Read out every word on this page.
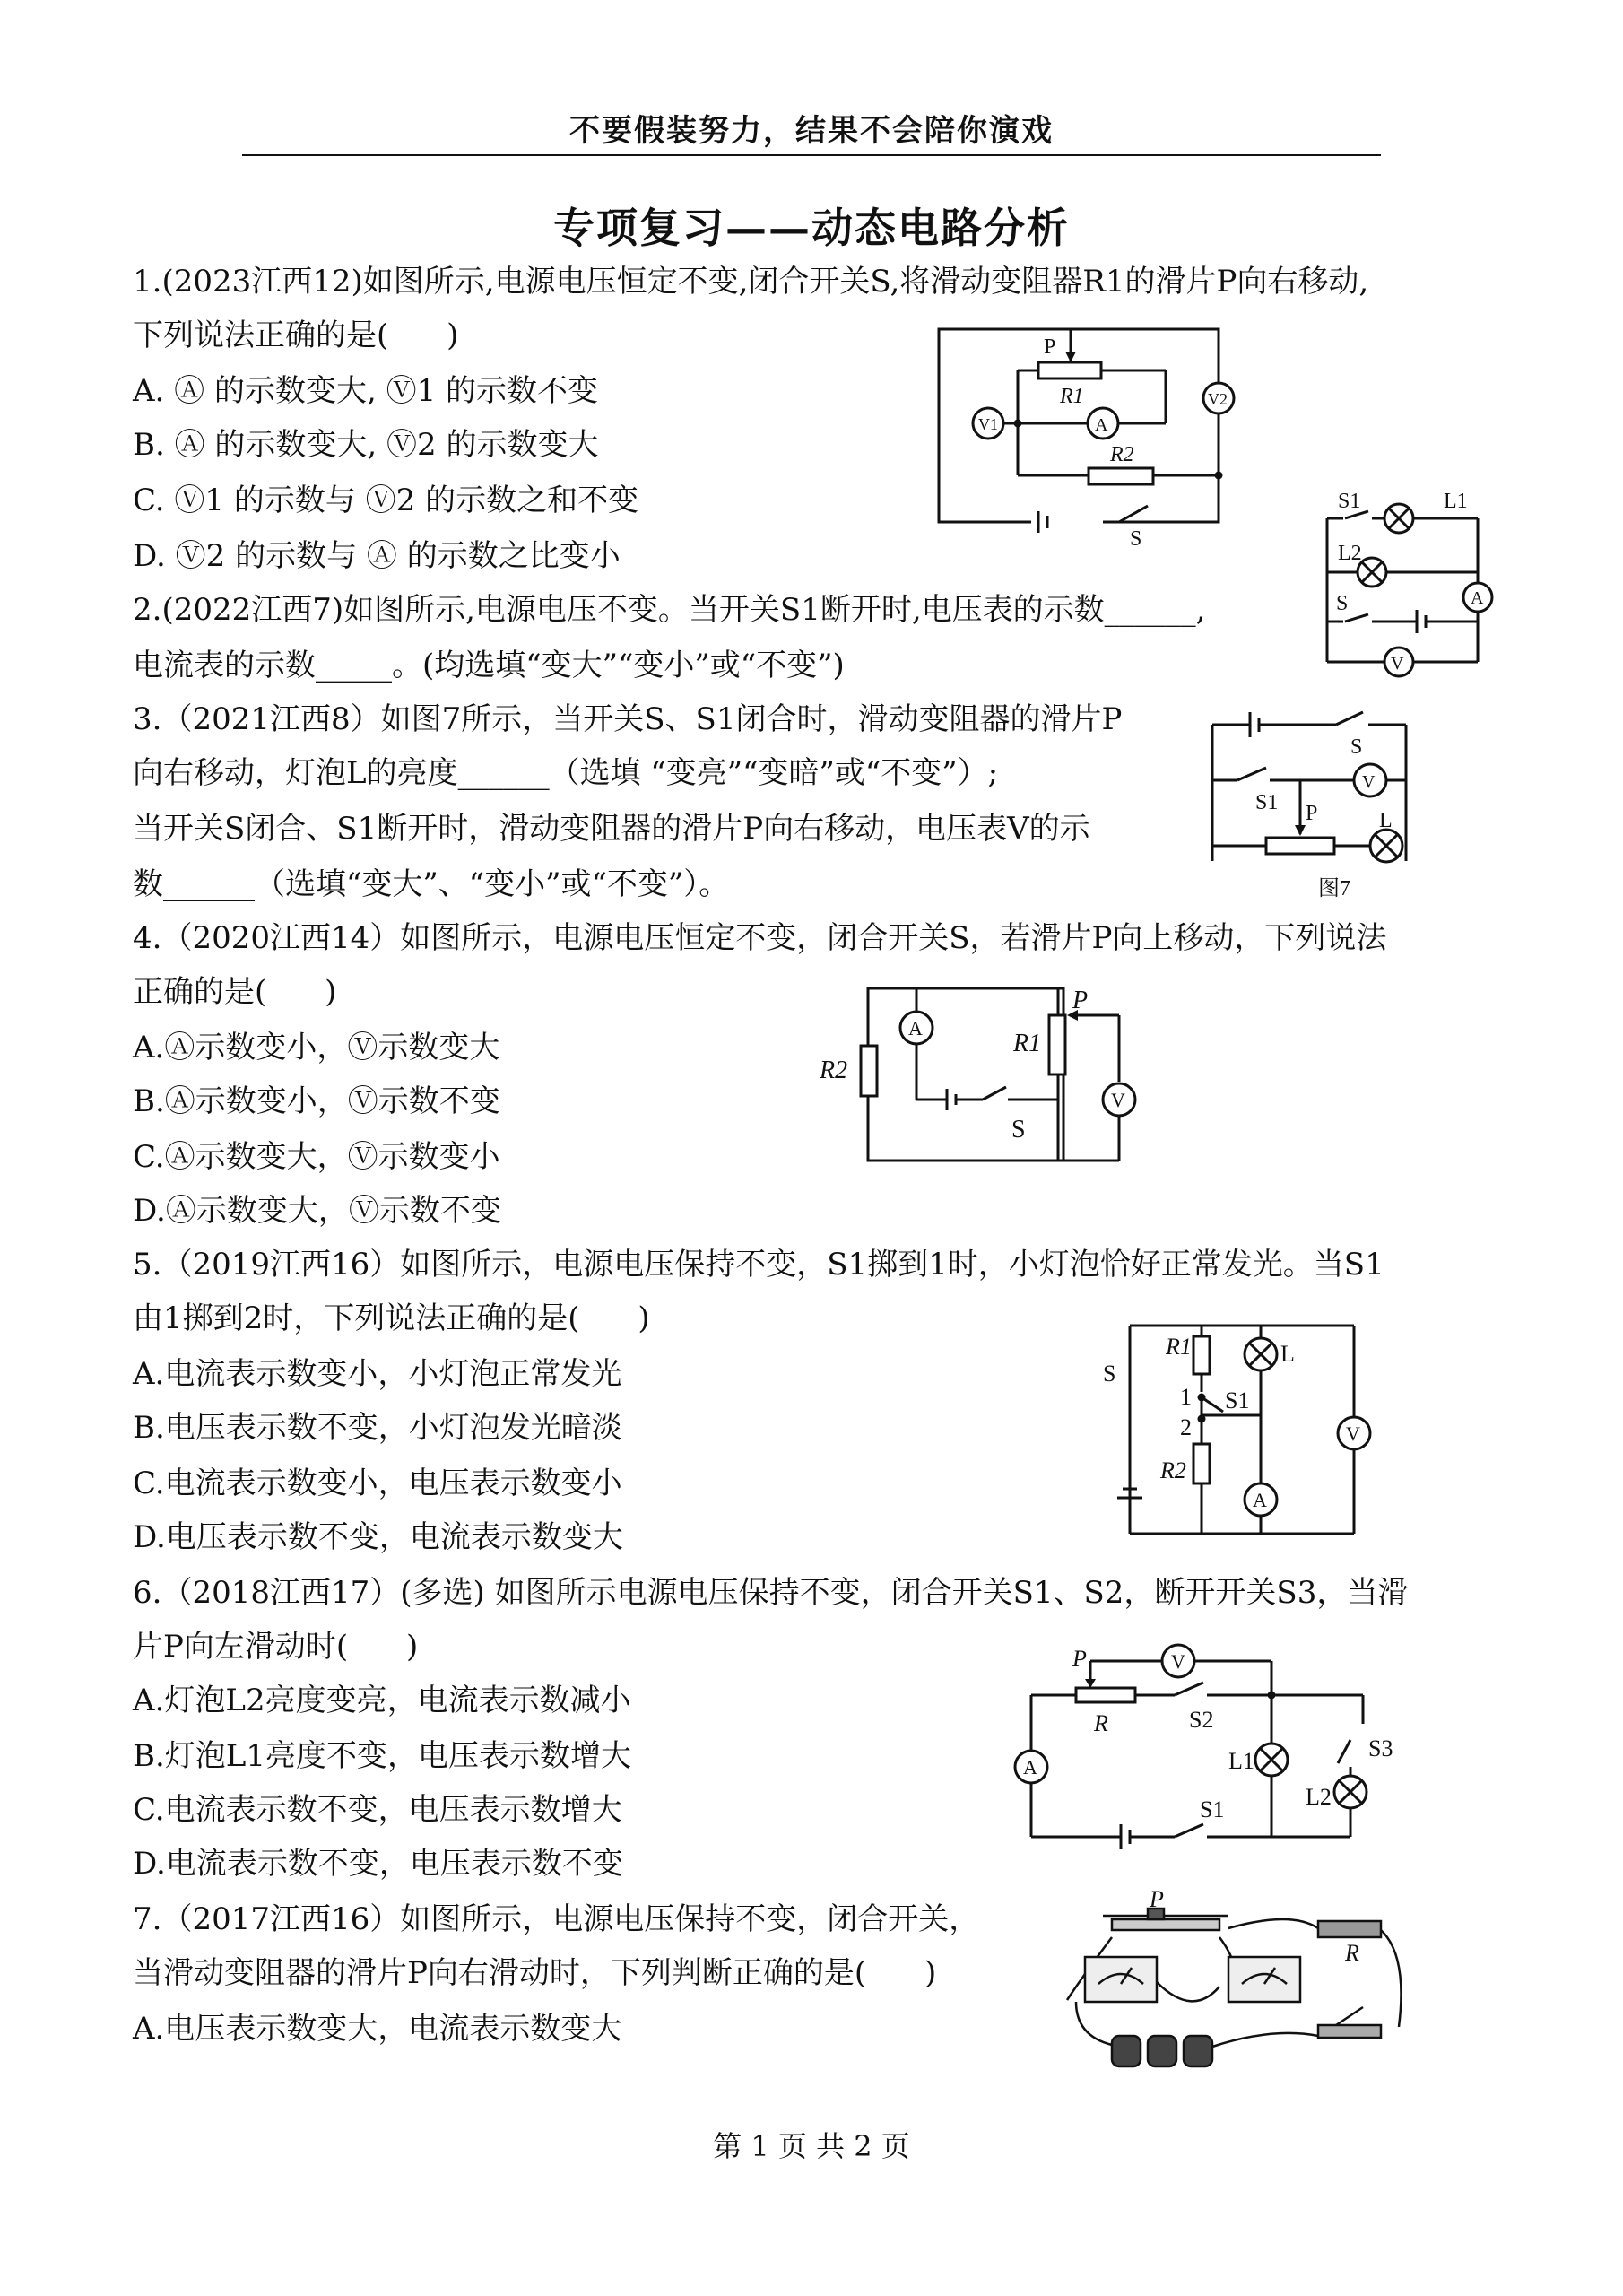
不要假装努力，结果不会陪你演戏
专项复习——动态电路分析
1.(2023江西12)如图所示,电源电压恒定不变,闭合开关S,将滑动变阻器R1的滑片P向右移动,
下列说法正确的是(      )
A. Ⓐ 的示数变大, Ⓥ1 的示数不变
B. Ⓐ 的示数变大, Ⓥ2 的示数变大
C. Ⓥ1 的示数与 Ⓥ2 的示数之和不变
D. Ⓥ2 的示数与 Ⓐ 的示数之比变小
2.(2022江西7)如图所示,电源电压不变。当开关S1断开时,电压表的示数______,
电流表的示数_____。(均选填“变大”“变小”或“不变”)
3.（2021江西8）如图7所示，当开关S、S1闭合时，滑动变阻器的滑片P
向右移动，灯泡L的亮度______（选填 “变亮”“变暗”或“不变”）;
当开关S闭合、S1断开时，滑动变阻器的滑片P向右移动，电压表V的示
数______（选填“变大”、“变小”或“不变”）。
4.（2020江西14）如图所示，电源电压恒定不变，闭合开关S，若滑片P向上移动，下列说法
正确的是(      )
A.Ⓐ示数变小，Ⓥ示数变大
B.Ⓐ示数变小，Ⓥ示数不变
C.Ⓐ示数变大，Ⓥ示数变小
D.Ⓐ示数变大，Ⓥ示数不变
5.（2019江西16）如图所示，电源电压保持不变，S1掷到1时，小灯泡恰好正常发光。当S1
由1掷到2时，下列说法正确的是(      )
A.电流表示数变小，小灯泡正常发光
B.电压表示数不变，小灯泡发光暗淡
C.电流表示数变小，电压表示数变小
D.电压表示数不变，电流表示数变大
6.（2018江西17）(多选) 如图所示电源电压保持不变，闭合开关S1、S2，断开开关S3，当滑
片P向左滑动时(      )
A.灯泡L2亮度变亮，电流表示数减小
B.灯泡L1亮度不变，电压表示数增大
C.电流表示数不变，电压表示数增大
D.电流表示数不变，电压表示数不变
7.（2017江西16）如图所示，电源电压保持不变，闭合开关，
当滑动变阻器的滑片P向右滑动时，下列判断正确的是(      )
A.电压表示数变大，电流表示数变大
P
R1
R2
A
V1
V2
S
S1	L1
L2
S	A
V
S
S1 P	L
V
图7
R2
R1
P
S
A
V
S
R1	L
1 S1
2
R2
V
A
P	V
R	S2
A	L1	S3
L2
S1
P
R
第 1 页 共 2 页
